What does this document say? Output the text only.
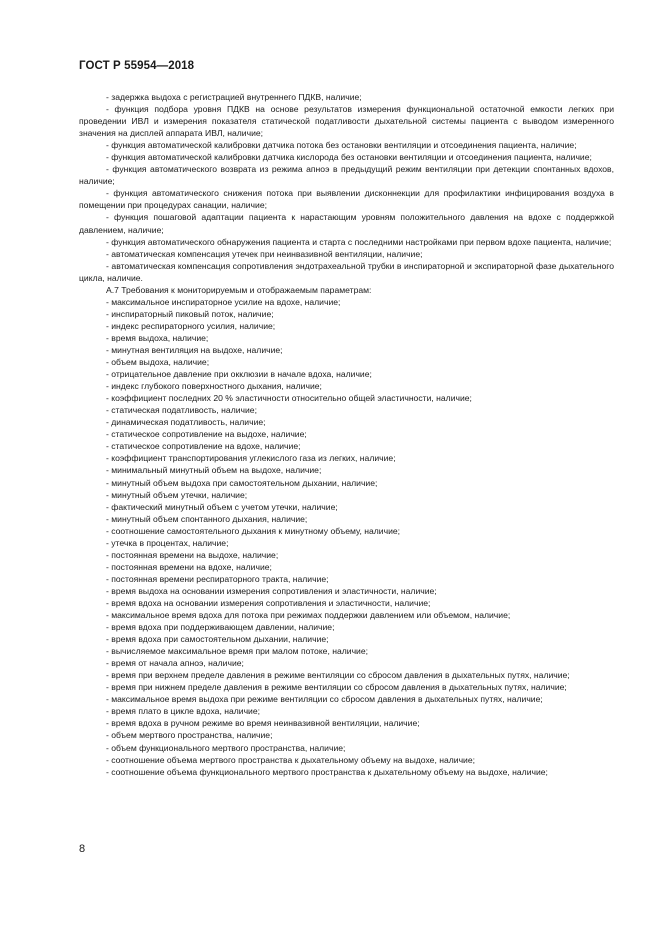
ГОСТ Р 55954—2018

- задержка выдоха с регистрацией внутреннего ПДКВ, наличие;

- функция подбора уровня ПДКВ на основе результатов измерения функциональной остаточной емкости легких при проведении ИВЛ и измерения показателя статической податливости дыхательной системы пациента с выводом измеренного значения на дисплей аппарата ИВЛ, наличие;

- функция автоматической калибровки датчика потока без остановки вентиляции и отсоединения пациента, наличие;

- функция автоматической калибровки датчика кислорода без остановки вентиляции и отсоединения пациента, наличие;

- функция автоматического возврата из режима апноэ в предыдущий режим вентиляции при детекции спонтанных вдохов, наличие;

- функция автоматического снижения потока при выявлении дисконнекции для профилактики инфицирования воздуха в помещении при процедурах санации, наличие;

- функция пошаговой адаптации пациента к нарастающим уровням положительного давления на вдохе с поддержкой давлением, наличие;

- функция автоматического обнаружения пациента и старта с последними настройками при первом вдохе пациента, наличие;

- автоматическая компенсация утечек при неинвазивной вентиляции, наличие;

- автоматическая компенсация сопротивления эндотрахеальной трубки в инспираторной и экспираторной фазе дыхательного цикла, наличие.

А.7 Требования к мониторируемым и отображаемым параметрам:

- максимальное инспираторное усилие на вдохе, наличие;

- инспираторный пиковый поток, наличие;

- индекс респираторного усилия, наличие;

- время выдоха, наличие;

- минутная вентиляция на выдохе, наличие;

- объем выдоха, наличие;

- отрицательное давление при окклюзии в начале вдоха, наличие;

- индекс глубокого поверхностного дыхания, наличие;

- коэффициент последних 20 % эластичности относительно общей эластичности, наличие;

- статическая податливость, наличие;

- динамическая податливость, наличие;

- статическое сопротивление на выдохе, наличие;

- статическое сопротивление на вдохе, наличие;

- коэффициент транспортирования углекислого газа из легких, наличие;

- минимальный минутный объем на выдохе, наличие;

- минутный объем выдоха при самостоятельном дыхании, наличие;

- минутный объем утечки, наличие;

- фактический минутный объем с учетом утечки, наличие;

- минутный объем спонтанного дыхания, наличие;

- соотношение самостоятельного дыхания к минутному объему, наличие;

- утечка в процентах, наличие;

- постоянная времени на выдохе, наличие;

- постоянная времени на вдохе, наличие;

- постоянная времени респираторного тракта, наличие;

- время выдоха на основании измерения сопротивления и эластичности, наличие;

- время вдоха на основании измерения сопротивления и эластичности, наличие;

- максимальное время вдоха для потока при режимах поддержки давлением или объемом, наличие;

- время вдоха при поддерживающем давлении, наличие;

- время вдоха при самостоятельном дыхании, наличие;

- вычисляемое максимальное время при малом потоке, наличие;

- время от начала апноэ, наличие;

- время при верхнем пределе давления в режиме вентиляции со сбросом давления в дыхательных путях, наличие;

- время при нижнем пределе давления в режиме вентиляции со сбросом давления в дыхательных путях, наличие;

- максимальное время выдоха при режиме вентиляции со сбросом давления в дыхательных путях, наличие;

- время плато в цикле вдоха, наличие;

- время вдоха в ручном режиме во время неинвазивной вентиляции, наличие;

- объем мертвого пространства, наличие;

- объем функционального мертвого пространства, наличие;

- соотношение объема мертвого пространства к дыхательному объему на выдохе, наличие;

- соотношение объема функционального мертвого пространства к дыхательному объему на выдохе, наличие;

8
